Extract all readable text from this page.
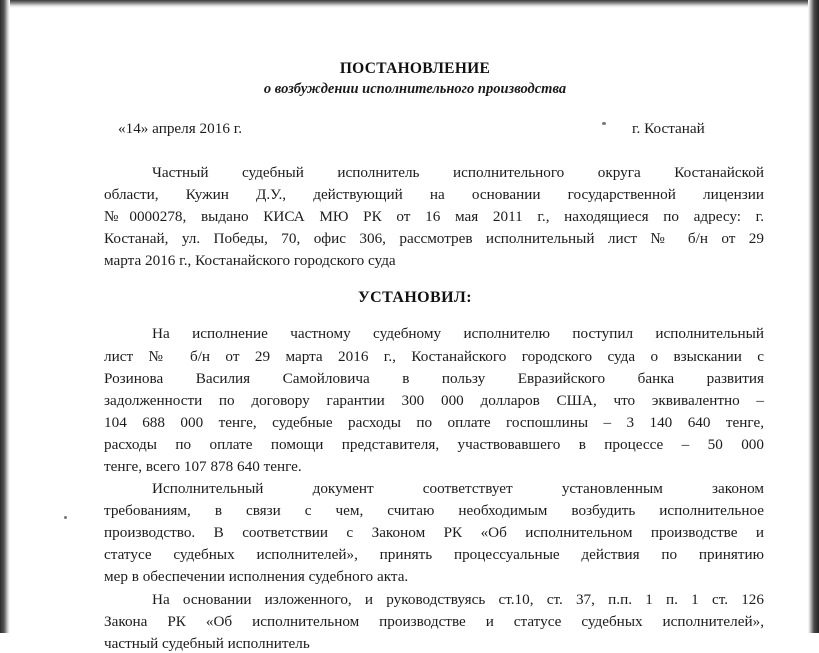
ПОСТАНОВЛЕНИЕ
о возбуждении исполнительного производства
«14» апреля 2016 г.	г. Костанай
Частный судебный исполнитель исполнительного округа Костанайской
области, Кужин Д.У., действующий на основании государственной лицензии
№0000278, выдано КИСА МЮ РК от 16 мая 2011 г., находящиеся по адресу: г.
Костанай, ул. Победы, 70, офис 306, рассмотрев исполнительный лист № б/н от 29
марта 2016 г., Костанайского городского суда
УСТАНОВИЛ:
На исполнение частному судебному исполнителю поступил исполнительный
лист № б/н от 29 марта 2016 г., Костанайского городского суда о взыскании с
Розинова Василия Самойловича в пользу Евразийского банка развития
задолженности по договору гарантии 300 000 долларов США, что эквивалентно –
104 688 000 тенге, судебные расходы по оплате госпошлины – 3 140 640 тенге,
расходы по оплате помощи представителя, участвовавшего в процессе – 50 000
тенге, всего 107 878 640 тенге.
Исполнительный документ соответствует установленным законом
требованиям, в связи с чем, считаю необходимым возбудить исполнительное
производство. В соответствии с Законом РК «Об исполнительном производстве и
статусе судебных исполнителей», принять процессуальные действия по принятию
мер в обеспечении исполнения судебного акта.
На основании изложенного, и руководствуясь ст.10, ст. 37, п.п. 1 п. 1 ст. 126
Закона РК «Об исполнительном производстве и статусе судебных исполнителей»,
частный судебный исполнитель
